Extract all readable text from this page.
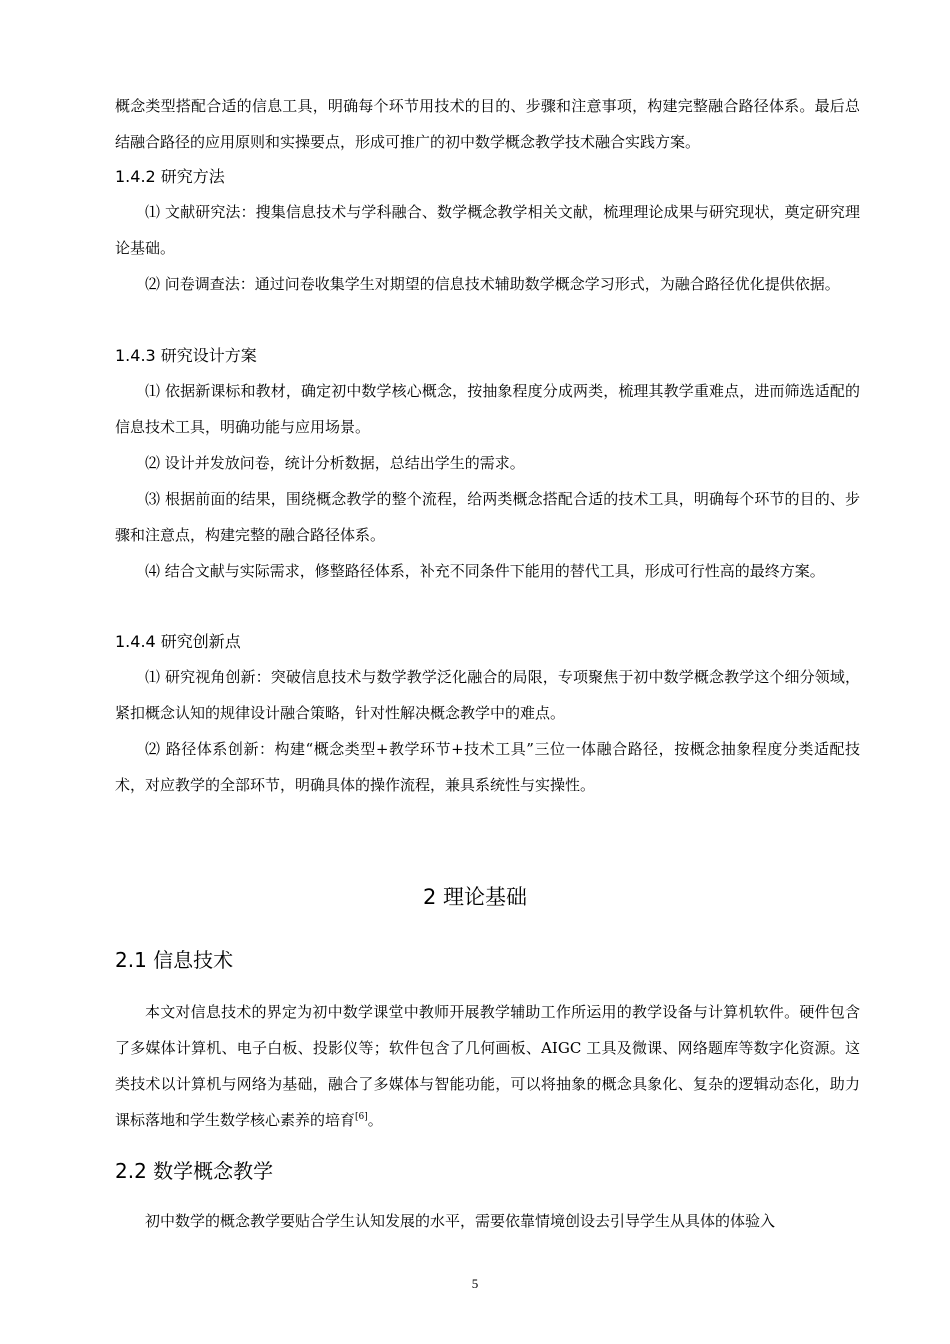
概念类型搭配合适的信息工具，明确每个环节用技术的目的、步骤和注意事项，构建完整融合路径体系。最后总结融合路径的应用原则和实操要点，形成可推广的初中数学概念教学技术融合实践方案。
1.4.2 研究方法
⑴ 文献研究法：搜集信息技术与学科融合、数学概念教学相关文献，梳理理论成果与研究现状，奠定研究理论基础。
⑵ 问卷调查法：通过问卷收集学生对期望的信息技术辅助数学概念学习形式，为融合路径优化提供依据。
1.4.3 研究设计方案
⑴ 依据新课标和教材，确定初中数学核心概念，按抽象程度分成两类，梳理其教学重难点，进而筛选适配的信息技术工具，明确功能与应用场景。
⑵ 设计并发放问卷，统计分析数据，总结出学生的需求。
⑶ 根据前面的结果，围绕概念教学的整个流程，给两类概念搭配合适的技术工具，明确每个环节的目的、步骤和注意点，构建完整的融合路径体系。
⑷ 结合文献与实际需求，修整路径体系，补充不同条件下能用的替代工具，形成可行性高的最终方案。
1.4.4 研究创新点
⑴ 研究视角创新：突破信息技术与数学教学泛化融合的局限，专项聚焦于初中数学概念教学这个细分领域，紧扣概念认知的规律设计融合策略，针对性解决概念教学中的难点。
⑵ 路径体系创新：构建“概念类型+教学环节+技术工具”三位一体融合路径，按概念抽象程度分类适配技术，对应教学的全部环节，明确具体的操作流程，兼具系统性与实操性。
2 理论基础
2.1 信息技术
本文对信息技术的界定为初中数学课堂中教师开展教学辅助工作所运用的教学设备与计算机软件。硬件包含了多媒体计算机、电子白板、投影仪等；软件包含了几何画板、AIGC 工具及微课、网络题库等数字化资源。这类技术以计算机与网络为基础，融合了多媒体与智能功能，可以将抽象的概念具象化、复杂的逻辑动态化，助力课标落地和学生数学核心素养的培育[6]。
2.2 数学概念教学
初中数学的概念教学要贴合学生认知发展的水平，需要依靠情境创设去引导学生从具体的体验入
5
